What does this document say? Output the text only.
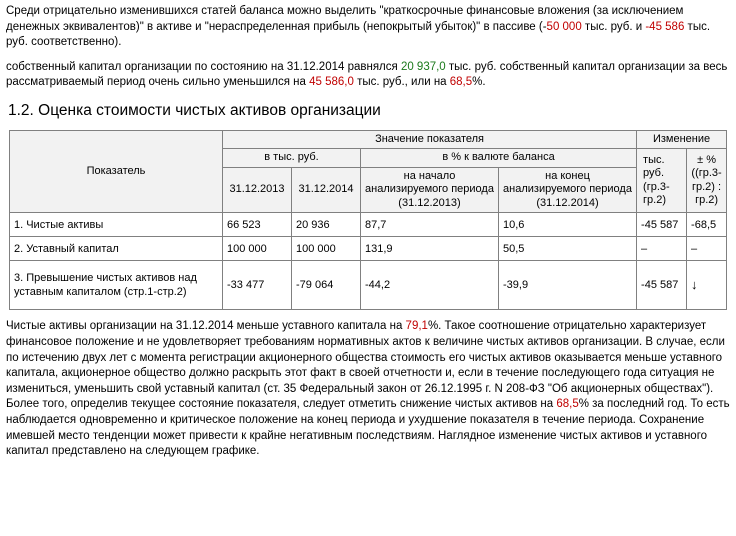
Среди отрицательно изменившихся статей баланса можно выделить "краткосрочные финансовые вложения (за исключением денежных эквивалентов)" в активе и "нераспределенная прибыль (непокрытый убыток)" в пассиве (-50 000 тыс. руб. и -45 586 тыс. руб. соответственно).

собственный капитал организации по состоянию на 31.12.2014 равнялся 20 937,0 тыс. руб. собственный капитал организации за весь рассматриваемый период очень сильно уменьшился на 45 586,0 тыс. руб., или на 68,5%.

1.2. Оценка стоимости чистых активов организации
Показатель	Значение показателя				Изменение	
	в тыс. руб.		в % к валюте баланса		тыс. руб. (гр.3-гр.2)	± % ((гр.3-гр.2) : гр.2)
	31.12.2013	31.12.2014	на начало анализируемого периода (31.12.2013)	на конец анализируемого периода (31.12.2014)		
1. Чистые активы	66 523	20 936	87,7	10,6	-45 587	-68,5
2. Уставный капитал	100 000	100 000	131,9	50,5	–	–
3. Превышение чистых активов над уставным капиталом (стр.1-стр.2)	-33 477	-79 064	-44,2	-39,9	-45 587	↓

Чистые активы организации на 31.12.2014 меньше уставного капитала на 79,1%. Такое соотношение отрицательно характеризует финансовое положение и не удовлетворяет требованиям нормативных актов к величине чистых активов организации. В случае, если по истечению двух лет с момента регистрации акционерного общества стоимость его чистых активов оказывается меньше уставного капитала, акционерное общество должно раскрыть этот факт в своей отчетности и, если в течение последующего года ситуация не измениться, уменьшить свой уставный капитал (ст. 35 Федеральный закон от 26.12.1995 г. N 208-ФЗ "Об акционерных обществах"). Более того, определив текущее состояние показателя, следует отметить снижение чистых активов на 68,5% за последний год. То есть наблюдается одновременно и критическое положение на конец периода и ухудшение показателя в течение периода. Сохранение имевшей место тенденции может привести к крайне негативным последствиям. Наглядное изменение чистых активов и уставного капитал представлено на следующем графике.
